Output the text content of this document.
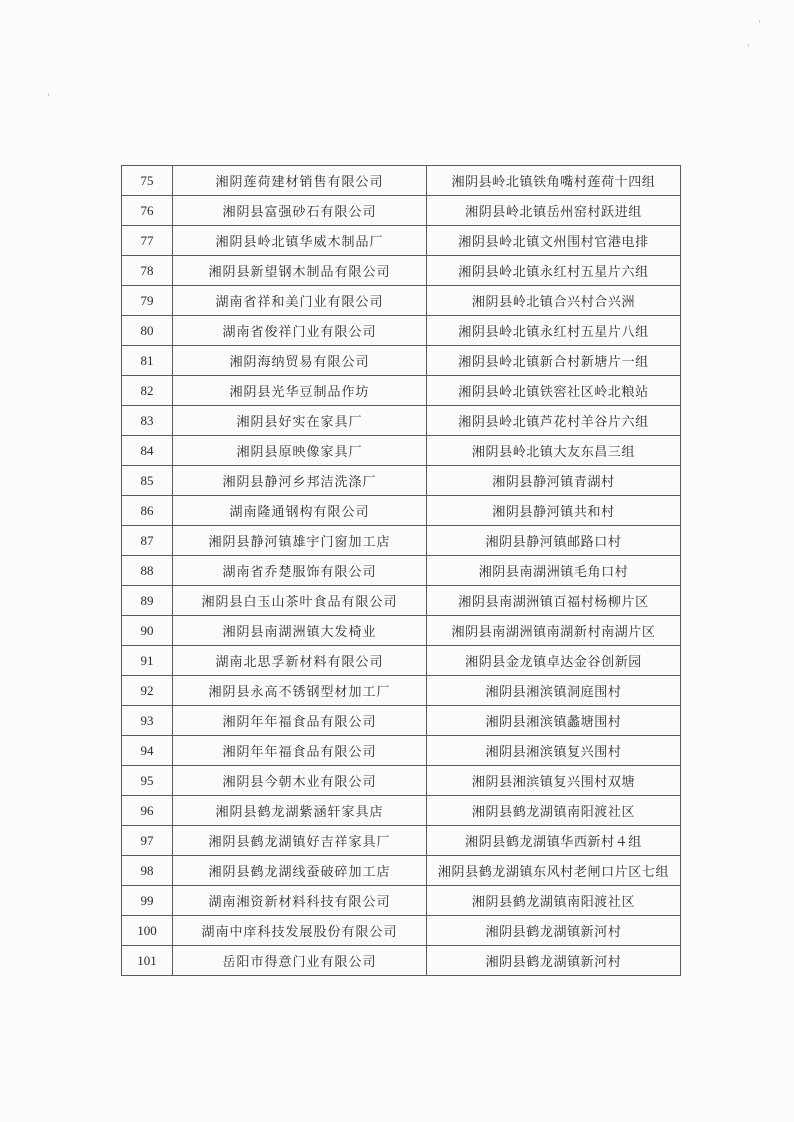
75	湘阴莲荷建材销售有限公司	湘阴县岭北镇铁角嘴村莲荷十四组
76	湘阴县富强砂石有限公司	湘阴县岭北镇岳州窑村跃进组
77	湘阴县岭北镇华威木制品厂	湘阴县岭北镇文州围村官港电排
78	湘阴县新望钢木制品有限公司	湘阴县岭北镇永红村五星片六组
79	湖南省祥和美门业有限公司	湘阴县岭北镇合兴村合兴洲
80	湖南省俊祥门业有限公司	湘阴县岭北镇永红村五星片八组
81	湘阴海纳贸易有限公司	湘阴县岭北镇新合村新塘片一组
82	湘阴县光华豆制品作坊	湘阴县岭北镇铁窖社区岭北粮站
83	湘阴县好实在家具厂	湘阴县岭北镇芦花村羊谷片六组
84	湘阴县原映像家具厂	湘阴县岭北镇大友东昌三组
85	湘阴县静河乡邦洁洗涤厂	湘阴县静河镇青湖村
86	湖南隆通钢构有限公司	湘阴县静河镇共和村
87	湘阴县静河镇雄宇门窗加工店	湘阴县静河镇邮路口村
88	湖南省乔楚服饰有限公司	湘阴县南湖洲镇毛角口村
89	湘阴县白玉山茶叶食品有限公司	湘阴县南湖洲镇百福村杨柳片区
90	湘阴县南湖洲镇大发椅业	湘阴县南湖洲镇南湖新村南湖片区
91	湖南北思孚新材料有限公司	湘阴县金龙镇卓达金谷创新园
92	湘阴县永高不锈钢型材加工厂	湘阴县湘滨镇洞庭围村
93	湘阴年年福食品有限公司	湘阴县湘滨镇蠡塘围村
94	湘阴年年福食品有限公司	湘阴县湘滨镇复兴围村
95	湘阴县今朝木业有限公司	湘阴县湘滨镇复兴围村双塘
96	湘阴县鹤龙湖紫涵轩家具店	湘阴县鹤龙湖镇南阳渡社区
97	湘阴县鹤龙湖镇好吉祥家具厂	湘阴县鹤龙湖镇华西新村４组
98	湘阴县鹤龙湖线蚕破碎加工店	湘阴县鹤龙湖镇东风村老闸口片区七组
99	湖南湘资新材料科技有限公司	湘阴县鹤龙湖镇南阳渡社区
100	湖南中庠科技发展股份有限公司	湘阴县鹤龙湖镇新河村
101	岳阳市得意门业有限公司	湘阴县鹤龙湖镇新河村
